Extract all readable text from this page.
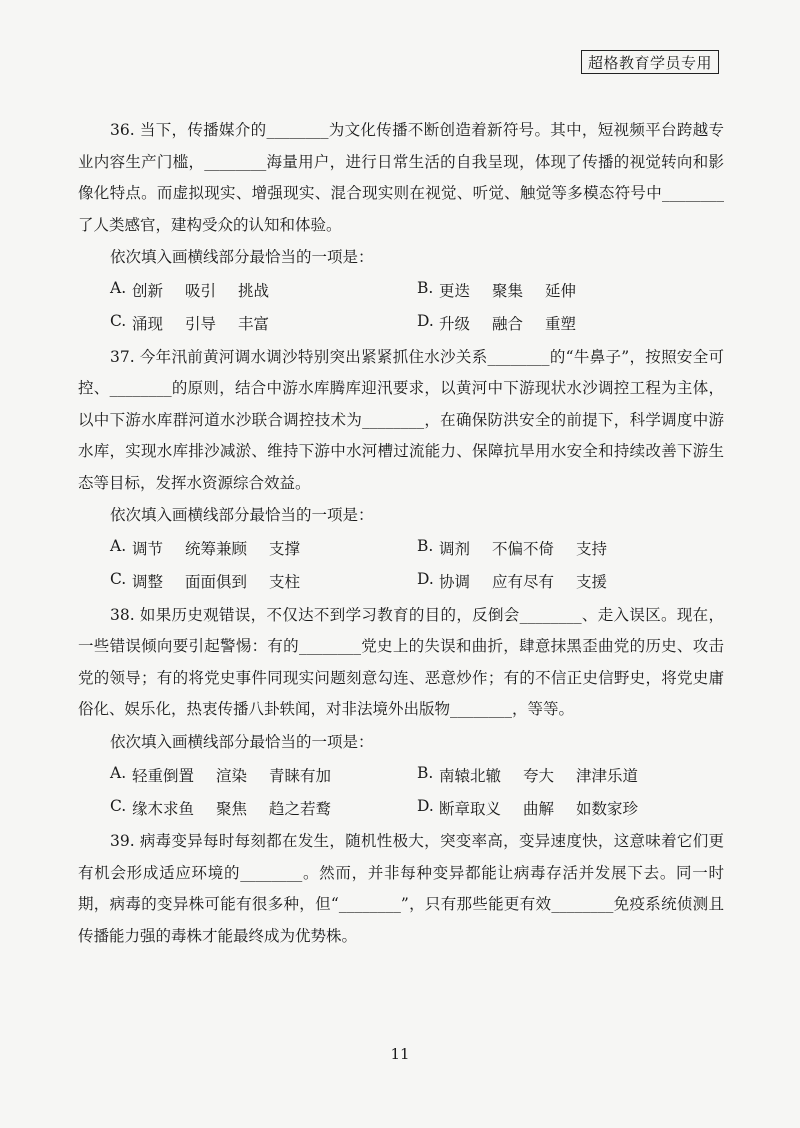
超格教育学员专用

36. 当下，传播媒介的________为文化传播不断创造着新符号。其中，短视频平台跨越专业内容生产门槛，________海量用户，进行日常生活的自我呈现，体现了传播的视觉转向和影像化特点。而虚拟现实、增强现实、混合现实则在视觉、听觉、触觉等多模态符号中________了人类感官，建构受众的认知和体验。

依次填入画横线部分最恰当的一项是：
A. 创新 吸引 挑战	B. 更迭 聚集 延伸
C. 涌现 引导 丰富	D. 升级 融合 重塑

37. 今年汛前黄河调水调沙特别突出紧紧抓住水沙关系________的“牛鼻子”，按照安全可控、________的原则，结合中游水库腾库迎汛要求，以黄河中下游现状水沙调控工程为主体，以中下游水库群河道水沙联合调控技术为________，在确保防洪安全的前提下，科学调度中游水库，实现水库排沙减淤、维持下游中水河槽过流能力、保障抗旱用水安全和持续改善下游生态等目标，发挥水资源综合效益。

依次填入画横线部分最恰当的一项是：
A. 调节 统筹兼顾 支撑	B. 调剂 不偏不倚 支持
C. 调整 面面俱到 支柱	D. 协调 应有尽有 支援

38. 如果历史观错误，不仅达不到学习教育的目的，反倒会________、走入误区。现在，一些错误倾向要引起警惕：有的________党史上的失误和曲折，肆意抹黑歪曲党的历史、攻击党的领导；有的将党史事件同现实问题刻意勾连、恶意炒作；有的不信正史信野史，将党史庸俗化、娱乐化，热衷传播八卦轶闻，对非法境外出版物________，等等。

依次填入画横线部分最恰当的一项是：
A. 轻重倒置 渲染 青睐有加	B. 南辕北辙 夸大 津津乐道
C. 缘木求鱼 聚焦 趋之若鹜	D. 断章取义 曲解 如数家珍

39. 病毒变异每时每刻都在发生，随机性极大，突变率高，变异速度快，这意味着它们更有机会形成适应环境的________。然而，并非每种变异都能让病毒存活并发展下去。同一时期，病毒的变异株可能有很多种，但“________”，只有那些能更有效________免疫系统侦测且传播能力强的毒株才能最终成为优势株。

11
